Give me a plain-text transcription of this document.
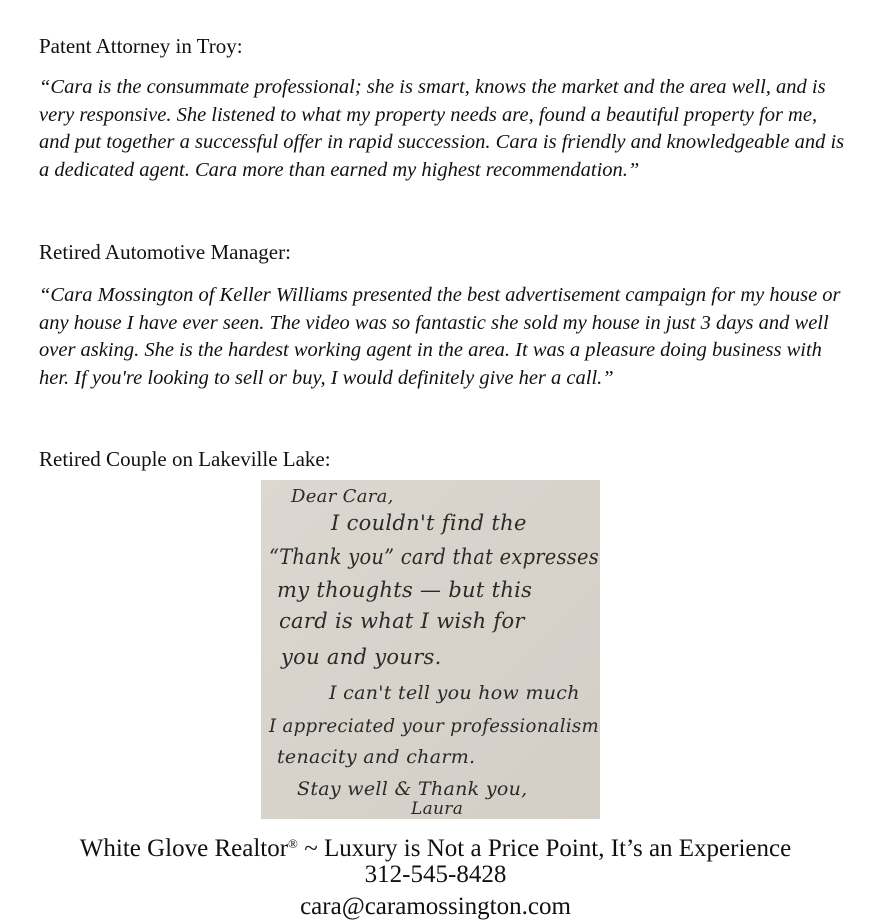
Patent Attorney in Troy:
“Cara is the consummate professional; she is smart, knows the market and the area well, and is very responsive. She listened to what my property needs are, found a beautiful property for me, and put together a successful offer in rapid succession. Cara is friendly and knowledgeable and is a dedicated agent. Cara more than earned my highest recommendation.”
Retired Automotive Manager:
“Cara Mossington of Keller Williams presented the best advertisement campaign for my house or any house I have ever seen. The video was so fantastic she sold my house in just 3 days and well over asking. She is the hardest working agent in the area. It was a pleasure doing business with her. If you're looking to sell or buy, I would definitely give her a call.”
Retired Couple on Lakeville Lake:
Dear Cara,
I couldn't find the
“Thank you” card that expresses
my thoughts — but this
card is what I wish for
you and yours.
I can't tell you how much
I appreciated your professionalism
tenacity and charm.
Stay well & Thank you,
Laura
White Glove Realtor® ~ Luxury is Not a Price Point, It’s an Experience
312-545-8428
cara@caramossington.com
